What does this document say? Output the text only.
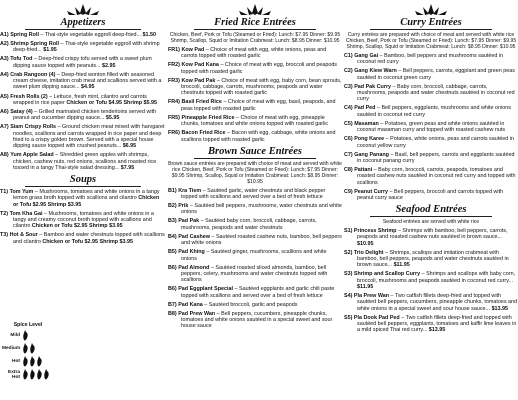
Appetizers
A1) Spring Roll – Thai-style vegetable eggroll deep-fried... $1.50
A2) Shrimp Spring Roll – Thai-style vegetable eggroll with shrimp deep-fried... $1.95
A3) Tofu Tod – Deep-fried crispy tofu served with a sweet plum dipping sauce topped with peanuts... $2.95
A4) Crab Rangoon (4) – Deep-fried wonton filled with seasoned cream cheese, imitation crab meat and scallions served with a sweet plum dipping sauce... $4.95
A5) Fresh Rolls (2) – Lettuce, fresh mint, cilantro and carrots wrapped in rice paper Chicken or Tofu $4.95 Shrimp $5.95
A6) Satay (4) – Grilled marinated chicken tenderloins served with peanut and cucumber dipping sauce... $5.95
A7) Siam Crispy Rolls – Ground chicken meat mixed with harvgaret noodles, scallions and carrots wrapped in rice paper and deep fried to a crispy golden brown. Served with a special house dipping sauce topped with crushed peanuts... $6.95
A8) Yum Apple Salad – Shredded green apples with shrimps, chicken, cashew nuts, red onions, scallions and roasted rice tossed in a tangy Thai-style salad dressing... $7.95
Soups
T1) Tom Yum – Mushrooms, tomatoes and white onions in a tangy lemon grass broth topped with scallions and cilantro Chicken or Tofu $2.95 Shrimp $3.95
T2) Tom Kha Gai – Mushrooms, tomatoes and white onions in a tangy and creamy coconut broth topped with scallions and cilantro Chicken or Tofu $2.95 Shrimp $3.95
T3) Hot & Sour – Bamboo and water chestnuts topped with scallions and cilantro Chicken or Tofu $2.95 Shrimp $3.95
Spice Level
Mild
Medium
Hot
Extra Hot
Fried Rice Entrées
Chicken, Beef, Pork or Tofu (Steamed or Fried): Lunch: $7.95 Dinner: $9.95 Shrimp, Scallop, Squid or Imitation Crabmeat: Lunch: $8.95 Dinner: $10.95
FR1) Kow Pad – Choice of meat with egg, white onions, peas and carrots topped with roasted garlic
FR2) Kow Pad Kana – Choice of meat with egg, broccoli and peapods topped with roasted garlic
FR3) Kow Pad Pak – Choice of meat with egg, baby corn, bean sprouts, broccoli, cabbage, carrots, mushrooms, peapods and water chestnuts topped with roasted garlic
FR4) Basil Fried Rice – Choice of meat with egg, basil, peapods, and peas topped with roasted garlic
FR5) Pineapple Fried Rice – Choice of meat with egg, pineapple chunks, tomatoes and white onions topped with roasted garlic
FR6) Bacon Fried Rice – Bacon with egg, cabbage, white onions and scallions topped with roasted garlic
Brown Sauce Entrées
Brown sauce entrées are prepared with choice of meat and served with white rice Chicken, Beef, Pork or Tofu (Steamed or Fried): Lunch: $7.95 Dinner: $9.95 Shrimp, Scallop, Squid or Imitation Crabmeat: Lunch: $8.95 Dinner: $10.95
B1) Kra Tiem – Sautéed garlic, water chestnuts and black pepper topped with scallions and served over a bed of fresh lettuce
B2) Prik – Sautéed bell peppers, mushrooms, water chestnuts and white onions
B3) Pad Pak – Sautéed baby corn, broccoli, cabbage, carrots, mushrooms, peapods and water chestnuts
B4) Pad Cashew – Sautéed roasted cashew nuts, bamboo, bell peppers and white onions
B5) Pad Khing – Sautéed ginger, mushrooms, scallions and white onions
B6) Pad Almond – Sautéed roasted sliced almonds, bamboo, bell peppers, celery, mushrooms and water chestnuts topped with scallions
B6) Pad Eggplant Special – Sautéed eggplants and garlic chili paste topped with scallions and served over a bed of fresh lettuce
B7) Pad Kana – Sautéed broccoli, garlic and peapods
B8) Pad Prew Wan – Bell peppers, cucumbers, pineapple chunks, tomatoes and white onions sautéed in a special sweet and sour house sauce
Curry Entrées
Curry entrées are prepared with choice of meat and served with white rice Chicken, Beef, Pork or Tofu (Steamed or Fried): Lunch: $7.95 Dinner: $9.95 Shrimp, Scallop, Squid or Imitation Crabmeat: Lunch: $8.95 Dinner: $10.95
C1) Gang Gai – Bamboo, bell peppers and mushrooms sautéed in coconut red curry
C2) Gang Kiew Warn – Bell peppers, carrots, eggplant and green peas sautéed in coconut green curry
C3) Pad Pak Curry – Baby corn, broccoli, cabbage, carrots, mushrooms, peapods and water chestnuts sautéed in coconut red curry
C4) Pad Ped – Bell peppers, eggplants, mushrooms and white onions sautéed in coconut red curry
C5) Masaman – Potatoes, green peas and white onions sautéed in coconut masaman curry and topped with roasted cashew nuts
C6) Pong Karee – Potatoes, white onions, peas and carrots sautéed in coconut yellow curry
C7) Gang Panang – Basil, bell peppers, carrots and eggplants sautéed in coconut panang curry
C8) Pattani – Baby corn, broccoli, carrots, peapods, tomatoes and roasted cashew nuts sautéed in coconut red curry and topped with scallions
C9) Peanut Curry – Bell peppers, broccoli and carrots topped with peanut curry sauce
Seafood Entrées
Seafood entrées are served with white rice
S1) Princess Shrimp – Shrimps with bamboo, bell peppers, carrots, peapods and roasted cashew nuts sautéed in brown sauce... $10.95
S2) Trio Delight – Shrimps, scallops and imitation crabmeat with bamboo, bell peppers, peapods and water chestnuts sautéed in brown sauce... $11.95
S3) Shrimp and Scallop Curry – Shrimps and scallops with baby corn, broccoli, mushrooms and peapods sautéed in coconut red curry... $11.95
S4) Pla Prew Wan – Two catfish fillets deep-fried and topped with sautéed bell peppers, cucumbers, pineapple chunks, tomatoes and white onions in a special sweet and sour house sauce... $13.95
S5) Pla Dook Pad Ped – Two catfish fillets deep-fried and topped with sautéed bell peppers, eggplants, tomatoes and kaffir lime leaves in a mild spiced Thai red curry... $13.95
